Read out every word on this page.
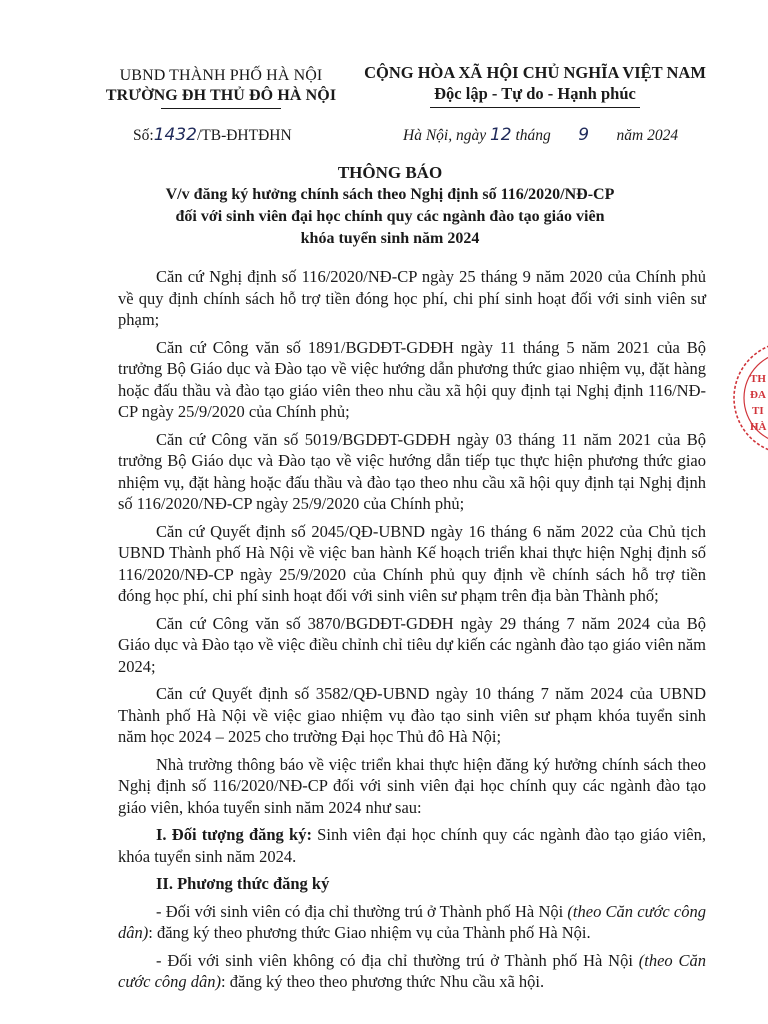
UBND THÀNH PHỐ HÀ NỘI
TRƯỜNG ĐH THỦ ĐÔ HÀ NỘI
CỘNG HÒA XÃ HỘI CHỦ NGHĨA VIỆT NAM
Độc lập - Tự do - Hạnh phúc
Số:1432/TB-ĐHTĐHN	Hà Nội, ngày 12 tháng 9 năm 2024
THÔNG BÁO
V/v đăng ký hưởng chính sách theo Nghị định số 116/2020/NĐ-CP
đối với sinh viên đại học chính quy các ngành đào tạo giáo viên
khóa tuyển sinh năm 2024

Căn cứ Nghị định số 116/2020/NĐ-CP ngày 25 tháng 9 năm 2020 của Chính phủ về quy định chính sách hỗ trợ tiền đóng học phí, chi phí sinh hoạt đối với sinh viên sư phạm;

Căn cứ Công văn số 1891/BGDĐT-GDĐH ngày 11 tháng 5 năm 2021 của Bộ trưởng Bộ Giáo dục và Đào tạo về việc hướng dẫn phương thức giao nhiệm vụ, đặt hàng hoặc đấu thầu và đào tạo giáo viên theo nhu cầu xã hội quy định tại Nghị định 116/NĐ-CP ngày 25/9/2020 của Chính phủ;

Căn cứ Công văn số 5019/BGDĐT-GDĐH ngày 03 tháng 11 năm 2021 của Bộ trưởng Bộ Giáo dục và Đào tạo về việc hướng dẫn tiếp tục thực hiện phương thức giao nhiệm vụ, đặt hàng hoặc đấu thầu và đào tạo theo nhu cầu xã hội quy định tại Nghị định số 116/2020/NĐ-CP ngày 25/9/2020 của Chính phủ;

Căn cứ Quyết định số 2045/QĐ-UBND ngày 16 tháng 6 năm 2022 của Chủ tịch UBND Thành phố Hà Nội về việc ban hành Kế hoạch triển khai thực hiện Nghị định số 116/2020/NĐ-CP ngày 25/9/2020 của Chính phủ quy định về chính sách hỗ trợ tiền đóng học phí, chi phí sinh hoạt đối với sinh viên sư phạm trên địa bàn Thành phố;

Căn cứ Công văn số 3870/BGDĐT-GDĐH ngày 29 tháng 7 năm 2024 của Bộ Giáo dục và Đào tạo về việc điều chỉnh chỉ tiêu dự kiến các ngành đào tạo giáo viên năm 2024;

Căn cứ Quyết định số 3582/QĐ-UBND ngày 10 tháng 7 năm 2024 của UBND Thành phố Hà Nội về việc giao nhiệm vụ đào tạo sinh viên sư phạm khóa tuyển sinh năm học 2024 – 2025 cho trường Đại học Thủ đô Hà Nội;

Nhà trường thông báo về việc triển khai thực hiện đăng ký hưởng chính sách theo Nghị định số 116/2020/NĐ-CP đối với sinh viên đại học chính quy các ngành đào tạo giáo viên, khóa tuyển sinh năm 2024 như sau:

I. Đối tượng đăng ký: Sinh viên đại học chính quy các ngành đào tạo giáo viên, khóa tuyển sinh năm 2024.

II. Phương thức đăng ký

- Đối với sinh viên có địa chỉ thường trú ở Thành phố Hà Nội (theo Căn cước công dân): đăng ký theo phương thức Giao nhiệm vụ của Thành phố Hà Nội.

- Đối với sinh viên không có địa chỉ thường trú ở Thành phố Hà Nội (theo Căn cước công dân): đăng ký theo theo phương thức Nhu cầu xã hội.

TH
ĐA
TI
HÀ
